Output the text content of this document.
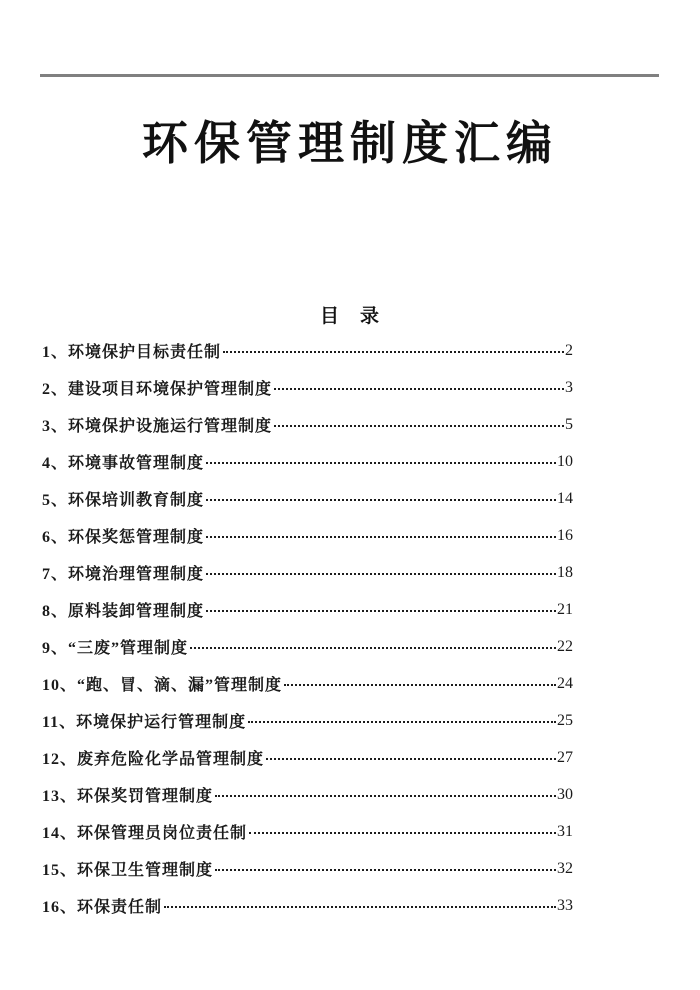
环保管理制度汇编
目　录
1、环境保护目标责任制	2
2、建设项目环境保护管理制度	3
3、环境保护设施运行管理制度	5
4、环境事故管理制度	10
5、环保培训教育制度	14
6、环保奖惩管理制度	16
7、环境治理管理制度	18
8、原料装卸管理制度	21
9、“三废”管理制度	22
10、“跑、冒、滴、漏”管理制度	24
11、环境保护运行管理制度	25
12、废弃危险化学品管理制度	27
13、环保奖罚管理制度	30
14、环保管理员岗位责任制	31
15、环保卫生管理制度	32
16、环保责任制	33
